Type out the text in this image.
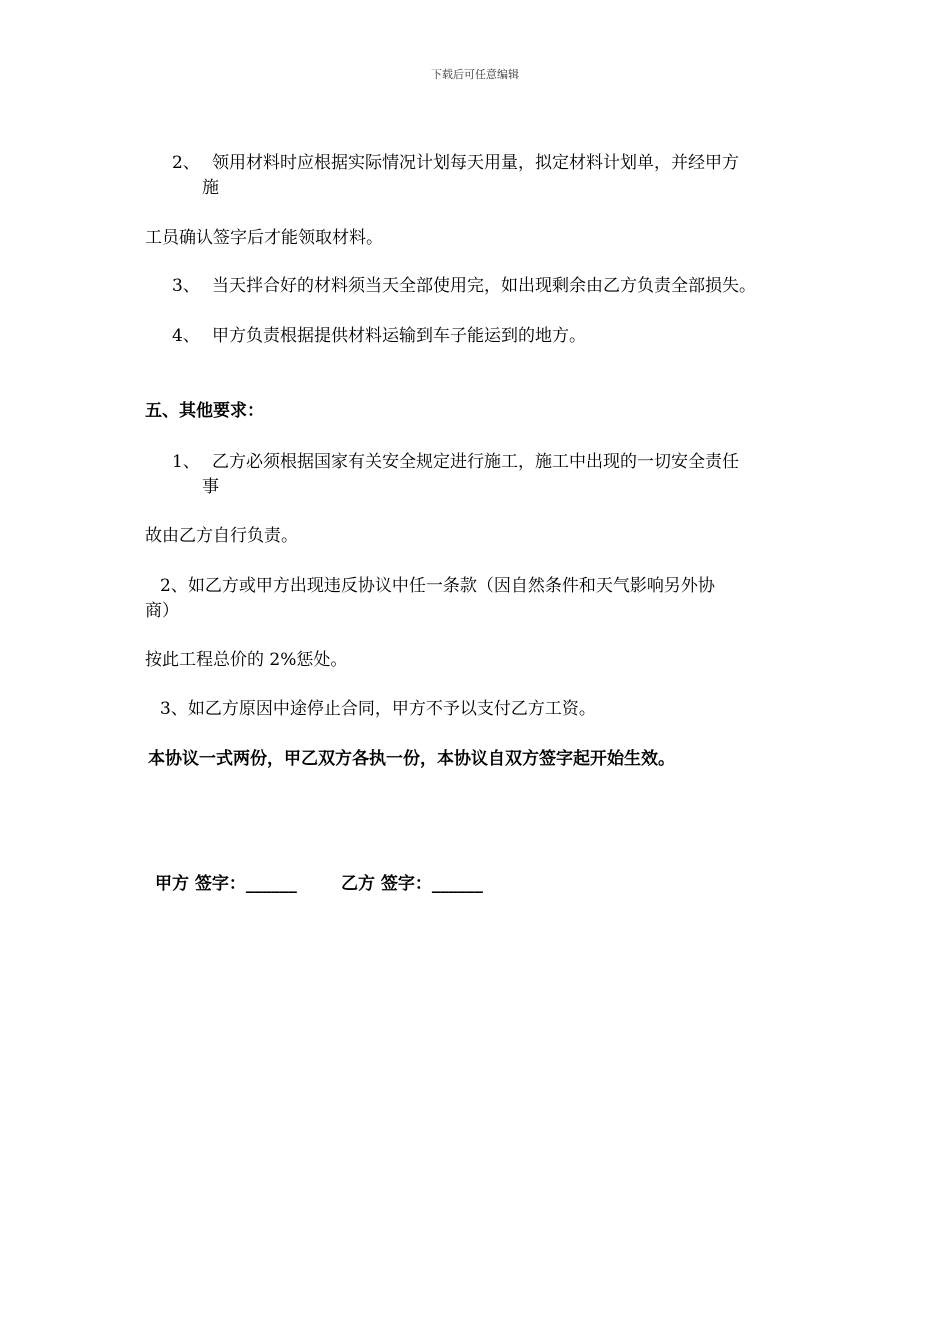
下载后可任意编辑
2、 领用材料时应根据实际情况计划每天用量，拟定材料计划单，并经甲方
施
工员确认签字后才能领取材料。
3、 当天拌合好的材料须当天全部使用完，如出现剩余由乙方负责全部损失。
4、 甲方负责根据提供材料运输到车子能运到的地方。
五、其他要求：
1、 乙方必须根据国家有关安全规定进行施工，施工中出现的一切安全责任
事
故由乙方自行负责。
2、如乙方或甲方出现违反协议中任一条款（因自然条件和天气影响另外协
商）
按此工程总价的 2%惩处。
3、如乙方原因中途停止合同，甲方不予以支付乙方工资。
本协议一式两份，甲乙双方各执一份，本协议自双方签字起开始生效。
甲方 签字：______	乙方 签字：______
